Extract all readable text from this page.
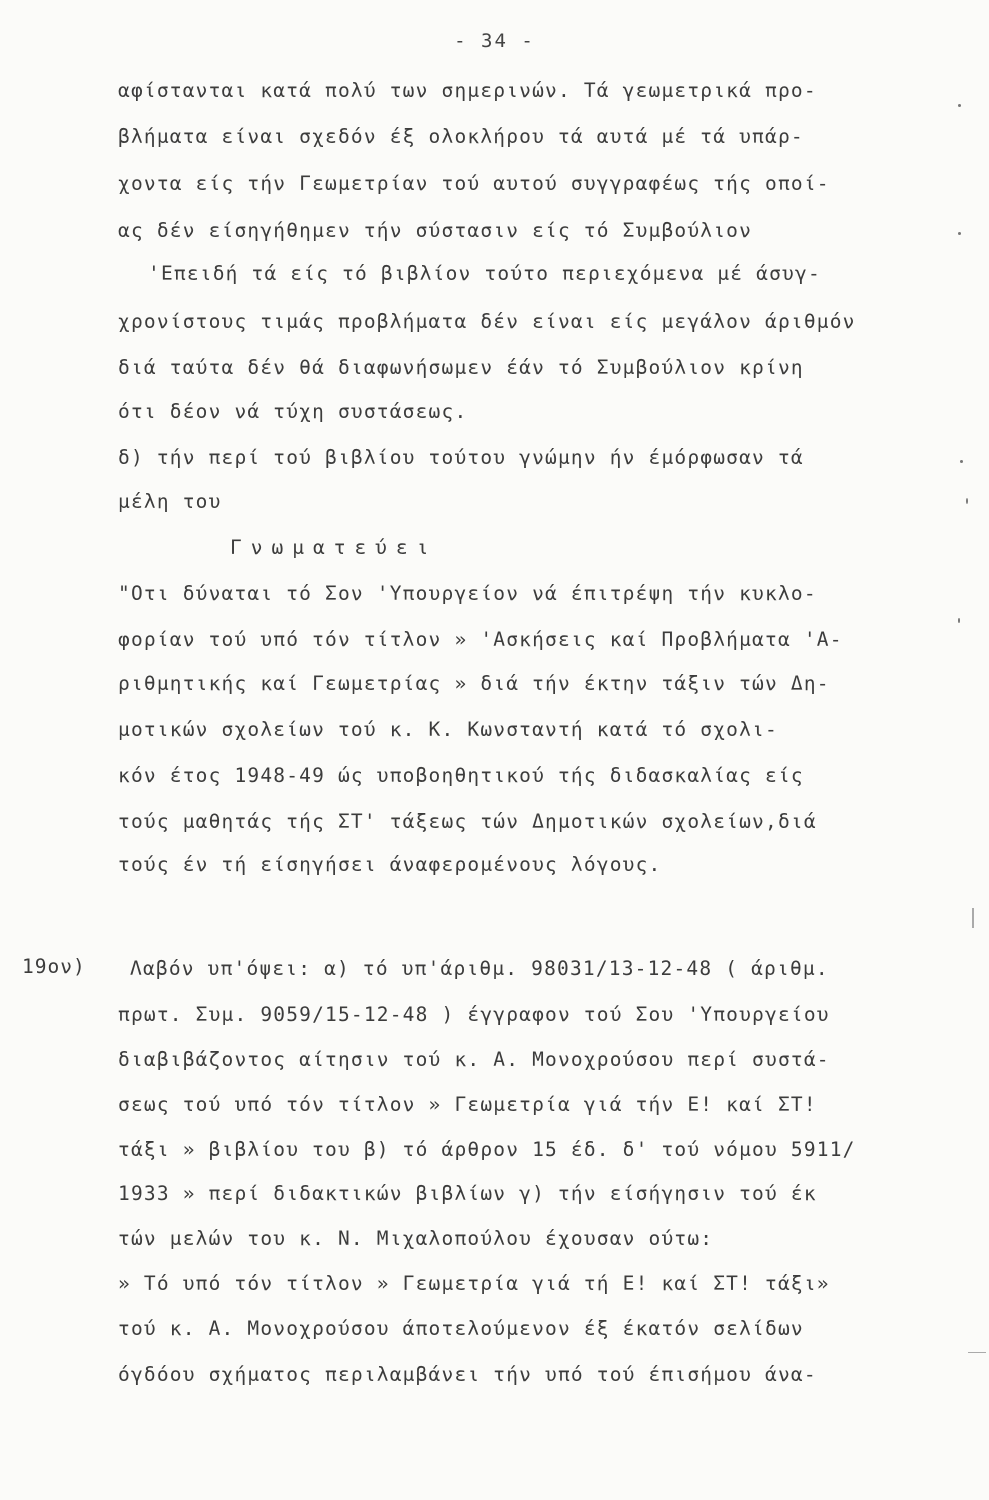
- 34 -
αφίστανται κατά πολύ των σημερινών. Τά γεωμετρικά προ-
βλήματα είναι σχεδόν έξ ολοκλήρου τά αυτά μέ τά υπάρ-
χοντα είς τήν Γεωμετρίαν τού αυτού συγγραφέως τής οποί-
ας δέν είσηγήθημεν τήν σύστασιν είς τό Συμβούλιον
'Επειδή τά είς τό βιβλίον τούτο περιεχόμενα μέ άσυγ-
χρονίστους τιμάς προβλήματα δέν είναι είς μεγάλον άριθμόν
διά ταύτα δέν θά διαφωνήσωμεν έάν τό Συμβούλιον κρίνη
ότι δέον νά τύχη συστάσεως.
δ) τήν περί τού βιβλίου τούτου γνώμην ήν έμόρφωσαν τά
μέλη του
Γνωματεύει
"Οτι δύναται τό Σον 'Υπουργείον νά έπιτρέψη τήν κυκλο-
φορίαν τού υπό τόν τίτλον » 'Ασκήσεις καί Προβλήματα 'Α-
ριθμητικής καί Γεωμετρίας » διά τήν έκτην τάξιν τών Δη-
μοτικών σχολείων τού κ. Κ. Κωνσταντή κατά τό σχολι-
κόν έτος 1948-49 ώς υποβοηθητικού τής διδασκαλίας είς
τούς μαθητάς τής ΣΤ' τάξεως τών Δημοτικών σχολείων,διά
τούς έν τή είσηγήσει άναφερομένους λόγους.
19ον) Λαβόν υπ'όψει: α) τό υπ'άριθμ. 98031/13-12-48 ( άριθμ.
πρωτ. Συμ. 9059/15-12-48 ) έγγραφον τού Σου 'Υπουργείου
διαβιβάζοντος αίτησιν τού κ. Α. Μονοχρούσου περί συστά-
σεως τού υπό τόν τίτλον » Γεωμετρία γιά τήν Ε! καί ΣΤ!
τάξι » βιβλίου του β) τό άρθρον 15 έδ. δ' τού νόμου 5911/
1933 » περί διδακτικών βιβλίων γ) τήν είσήγησιν τού έκ
τών μελών του κ. Ν. Μιχαλοπούλου έχουσαν ούτω:
» Τό υπό τόν τίτλον » Γεωμετρία γιά τή Ε! καί ΣΤ! τάξι»
τού κ. Α. Μονοχρούσου άποτελούμενον έξ έκατόν σελίδων
όγδόου σχήματος περιλαμβάνει τήν υπό τού έπισήμου άνα-
